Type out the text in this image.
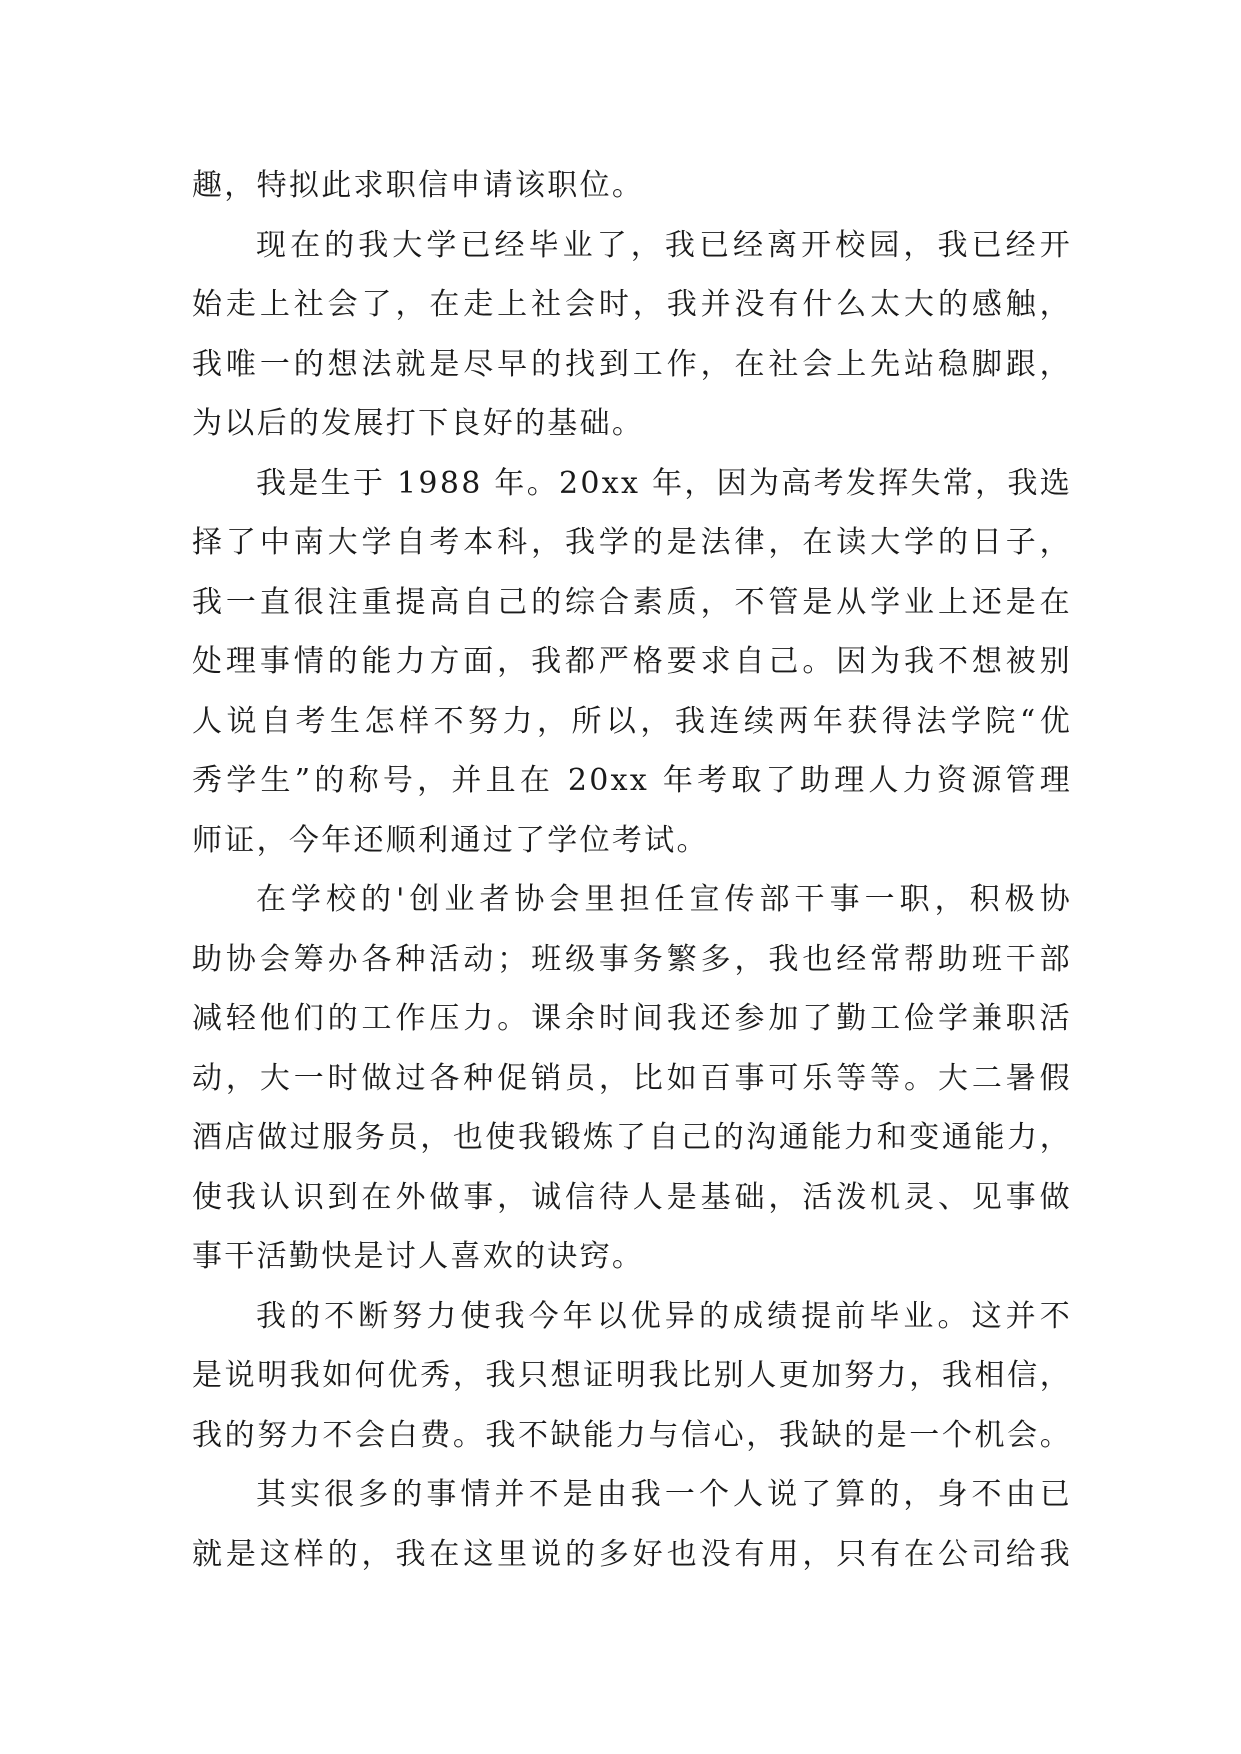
趣，特拟此求职信申请该职位。

现在的我大学已经毕业了，我已经离开校园，我已经开
始走上社会了，在走上社会时，我并没有什么太大的感触，
我唯一的想法就是尽早的找到工作，在社会上先站稳脚跟，
为以后的发展打下良好的基础。

我是生于 1988 年。20xx 年，因为高考发挥失常，我选
择了中南大学自考本科，我学的是法律，在读大学的日子，
我一直很注重提高自己的综合素质，不管是从学业上还是在
处理事情的能力方面，我都严格要求自己。因为我不想被别
人说自考生怎样不努力，所以，我连续两年获得法学院“优
秀学生”的称号，并且在 20xx 年考取了助理人力资源管理
师证，今年还顺利通过了学位考试。

在学校的'创业者协会里担任宣传部干事一职，积极协
助协会筹办各种活动；班级事务繁多，我也经常帮助班干部
减轻他们的工作压力。课余时间我还参加了勤工俭学兼职活
动，大一时做过各种促销员，比如百事可乐等等。大二暑假
酒店做过服务员，也使我锻炼了自己的沟通能力和变通能力，
使我认识到在外做事，诚信待人是基础，活泼机灵、见事做
事干活勤快是讨人喜欢的诀窍。

我的不断努力使我今年以优异的成绩提前毕业。这并不
是说明我如何优秀，我只想证明我比别人更加努力，我相信，
我的努力不会白费。我不缺能力与信心，我缺的是一个机会。

其实很多的事情并不是由我一个人说了算的，身不由已
就是这样的，我在这里说的多好也没有用，只有在公司给我
